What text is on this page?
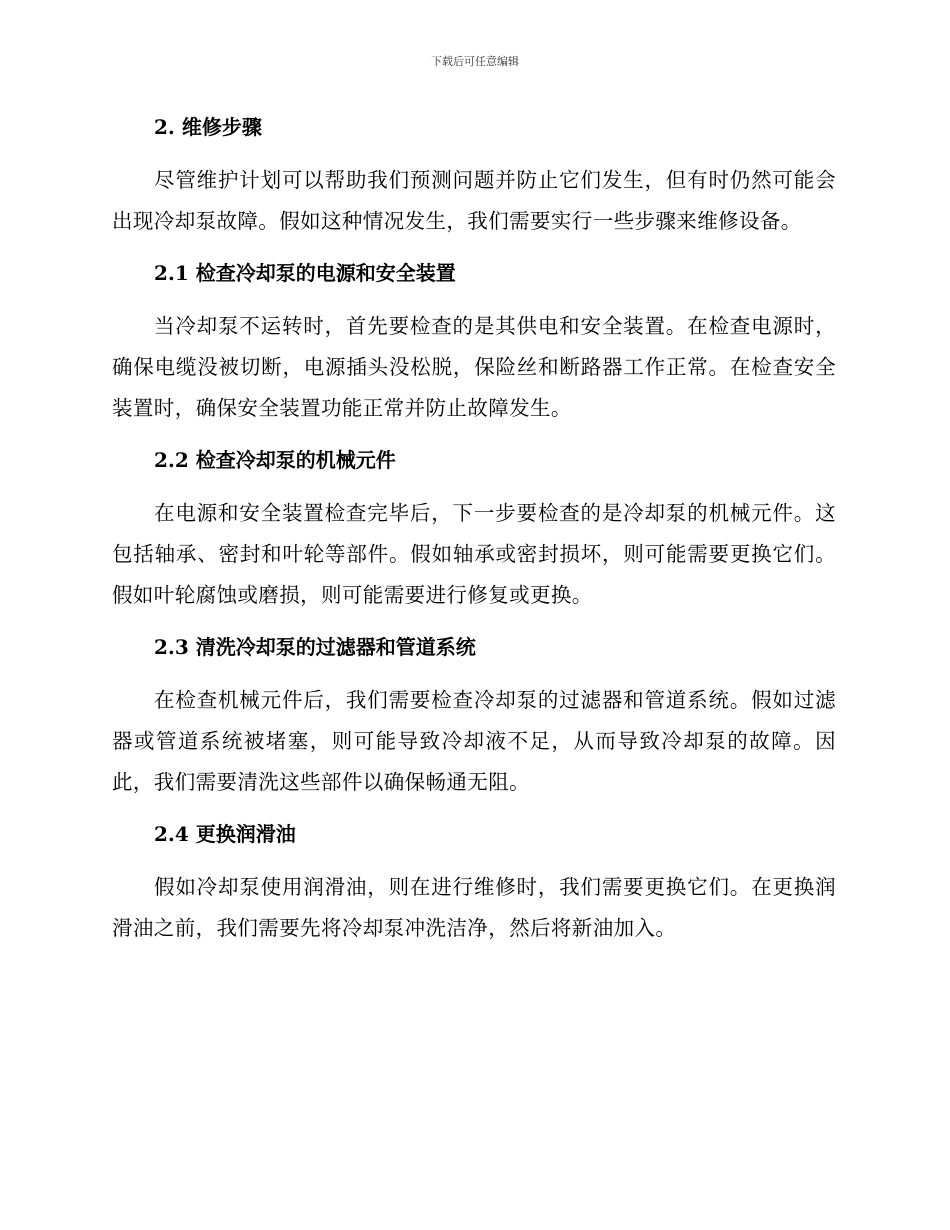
下载后可任意编辑
2. 维修步骤

尽管维护计划可以帮助我们预测问题并防止它们发生，但有时仍然可能会出现冷却泵故障。假如这种情况发生，我们需要实行一些步骤来维修设备。

2.1 检查冷却泵的电源和安全装置

当冷却泵不运转时，首先要检查的是其供电和安全装置。在检查电源时，确保电缆没被切断，电源插头没松脱，保险丝和断路器工作正常。在检查安全装置时，确保安全装置功能正常并防止故障发生。

2.2 检查冷却泵的机械元件

在电源和安全装置检查完毕后，下一步要检查的是冷却泵的机械元件。这包括轴承、密封和叶轮等部件。假如轴承或密封损坏，则可能需要更换它们。假如叶轮腐蚀或磨损，则可能需要进行修复或更换。

2.3 清洗冷却泵的过滤器和管道系统

在检查机械元件后，我们需要检查冷却泵的过滤器和管道系统。假如过滤器或管道系统被堵塞，则可能导致冷却液不足，从而导致冷却泵的故障。因此，我们需要清洗这些部件以确保畅通无阻。

2.4 更换润滑油

假如冷却泵使用润滑油，则在进行维修时，我们需要更换它们。在更换润滑油之前，我们需要先将冷却泵冲洗洁净，然后将新油加入。
